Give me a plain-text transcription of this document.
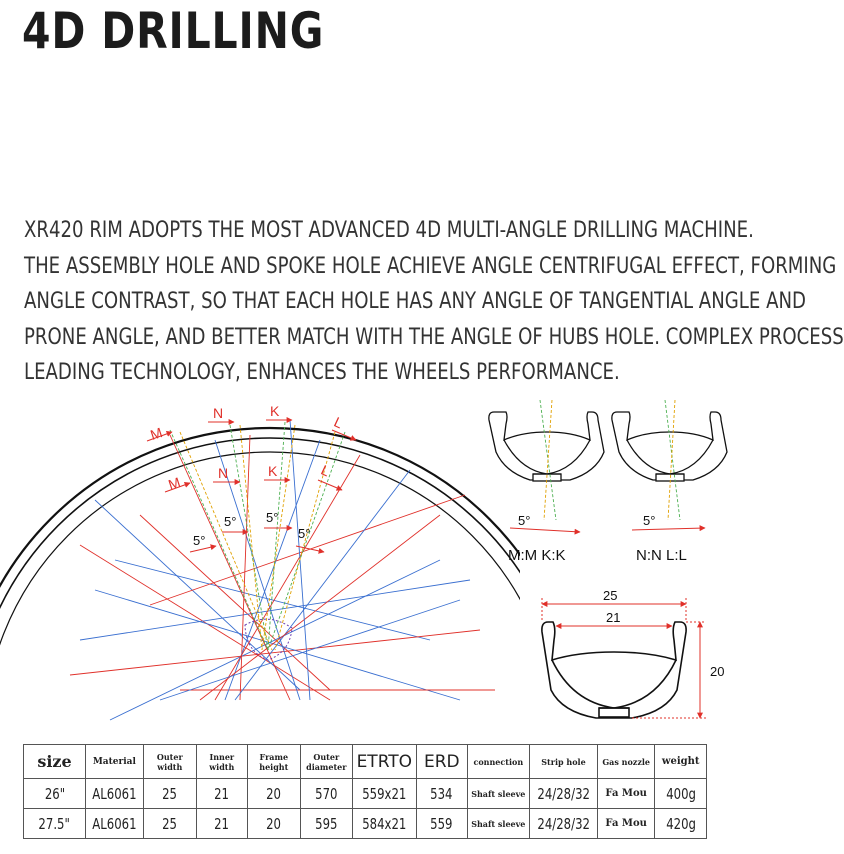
4D DRILLING
XR420 RIM ADOPTS THE MOST ADVANCED 4D MULTI-ANGLE DRILLING MACHINE.
THE ASSEMBLY HOLE AND SPOKE HOLE ACHIEVE ANGLE CENTRIFUGAL EFFECT, FORMING
ANGLE CONTRAST, SO THAT EACH HOLE HAS ANY ANGLE OF TANGENTIAL ANGLE AND
PRONE ANGLE, AND BETTER MATCH WITH THE ANGLE OF HUBS HOLE. COMPLEX PROCESS
LEADING TECHNOLOGY, ENHANCES THE WHEELS PERFORMANCE.
M
N	K
L
M
N	K	L
5°
5° 5°
5°
5°
M:M K:K
5°
N:N L:L
25
21
20
size	Material	Outer width	Inner width	Frame height	Outer diameter	ETRTO	ERD	connection	Strip hole	Gas nozzle	weight
26"	AL6061	25	21	20	570	559x21	534	Shaft sleeve	24/28/32	Fa Mou	400g
27.5"	AL6061	25	21	20	595	584x21	559	Shaft sleeve	24/28/32	Fa Mou	420g
